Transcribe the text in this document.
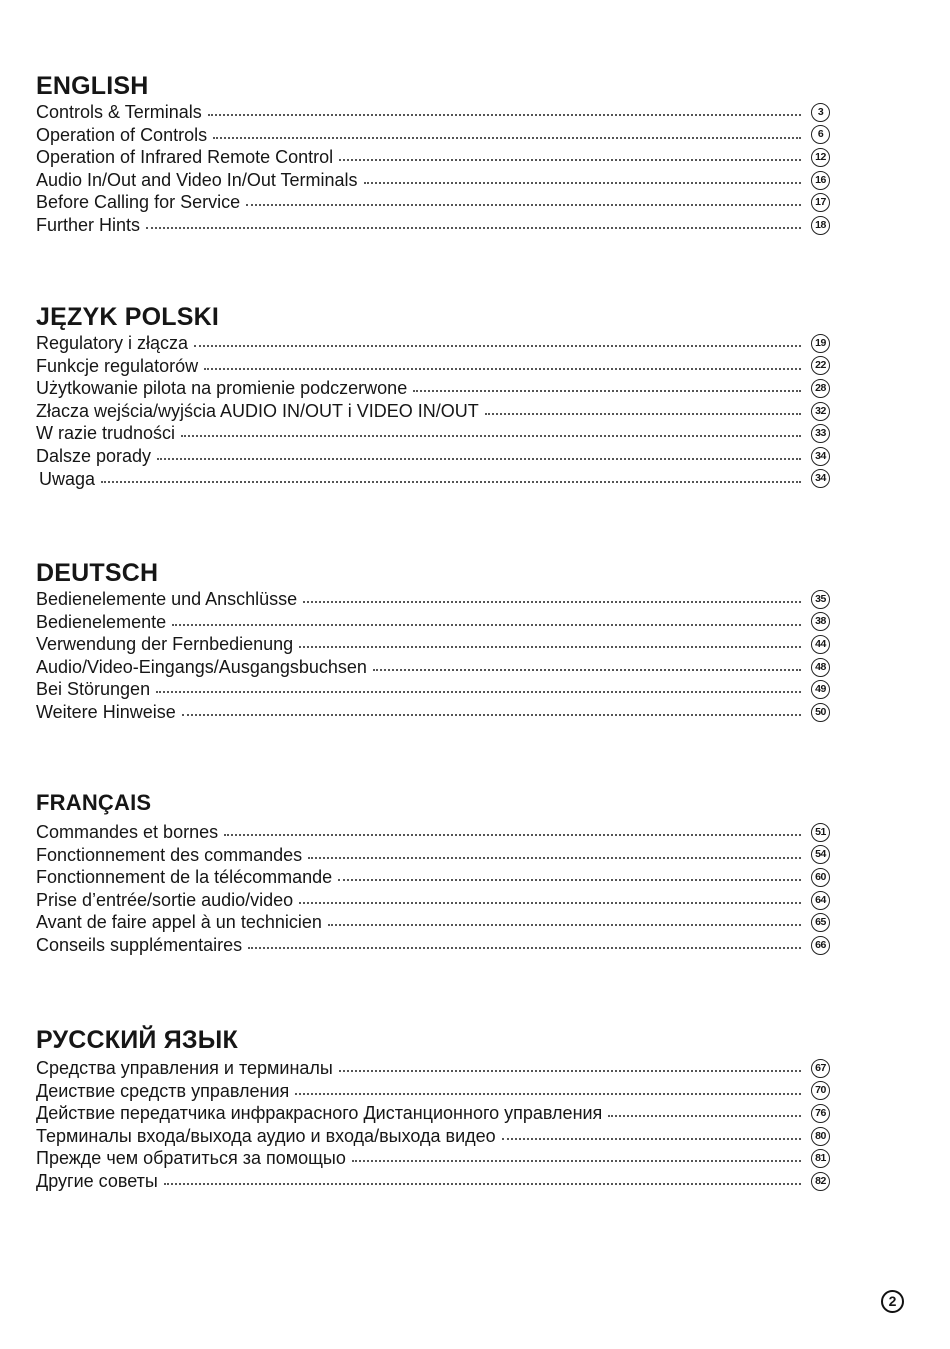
ENGLISH
Controls & Terminals	3
Operation of Controls	6
Operation of Infrared Remote Control	12
Audio In/Out and Video In/Out Terminals	16
Before Calling for Service	17
Further Hints	18
JĘZYK POLSKI
Regulatory i złącza	19
Funkcje regulatorów	22
Użytkowanie pilota na promienie podczerwone	28
Złacza wejścia/wyjścia AUDIO IN/OUT i VIDEO IN/OUT	32
W razie trudności	33
Dalsze porady	34
Uwaga	34
DEUTSCH
Bedienelemente und Anschlüsse	35
Bedienelemente	38
Verwendung der Fernbedienung	44
Audio/Video-Eingangs/Ausgangsbuchsen	48
Bei Störungen	49
Weitere Hinweise	50
FRANÇAIS
Commandes et bornes	51
Fonctionnement des commandes	54
Fonctionnement de la télécommande	60
Prise d’entrée/sortie audio/video	64
Avant de faire appel à un technicien	65
Conseils supplémentaires	66
РУССКИЙ ЯЗЫК
Средства управления и терминалы	67
Деиствие средств управления	70
Действие передатчика инфракрасного Дистанционного управления	76
Терминалы входа/выхода аудио и входа/выхода видео	80
Прежде чем обратиться за помощыо	81
Другие советы	82
2
